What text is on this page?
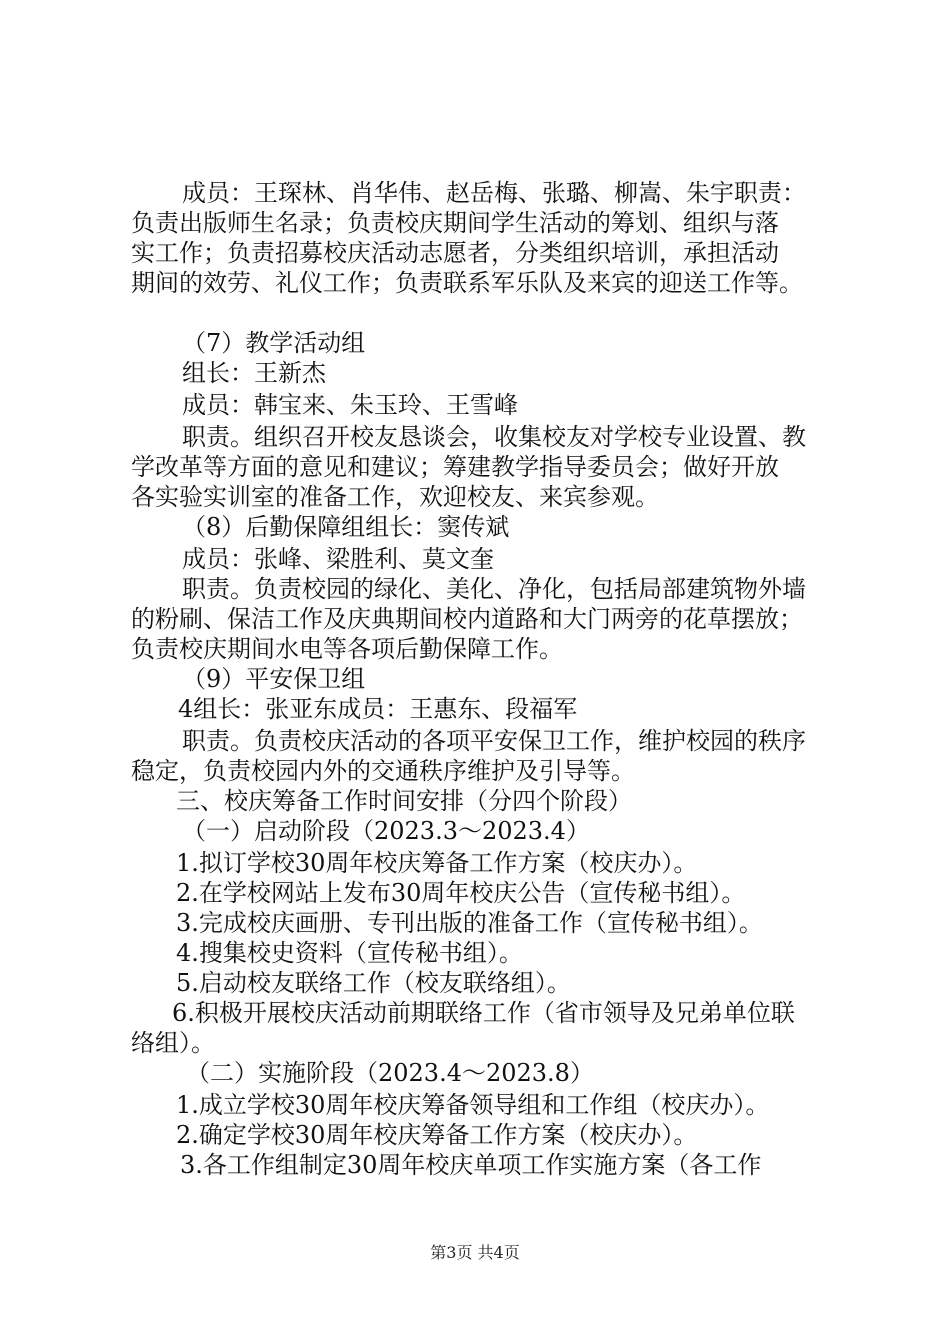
成员：王琛林、肖华伟、赵岳梅、张璐、柳嵩、朱宇职责：
负责出版师生名录；负责校庆期间学生活动的筹划、组织与落
实工作；负责招募校庆活动志愿者，分类组织培训，承担活动
期间的效劳、礼仪工作；负责联系军乐队及来宾的迎送工作等。
（7）教学活动组
组长：王新杰
成员：韩宝来、朱玉玲、王雪峰
职责。组织召开校友恳谈会，收集校友对学校专业设置、教
学改革等方面的意见和建议；筹建教学指导委员会；做好开放
各实验实训室的准备工作，欢迎校友、来宾参观。
（8）后勤保障组组长：窦传斌
成员：张峰、梁胜利、莫文奎
职责。负责校园的绿化、美化、净化，包括局部建筑物外墙
的粉刷、保洁工作及庆典期间校内道路和大门两旁的花草摆放；
负责校庆期间水电等各项后勤保障工作。
（9）平安保卫组
4组长：张亚东成员：王惠东、段福军
职责。负责校庆活动的各项平安保卫工作，维护校园的秩序
稳定，负责校园内外的交通秩序维护及引导等。
三、校庆筹备工作时间安排（分四个阶段）
（一）启动阶段（2023.3～2023.4）
1.拟订学校30周年校庆筹备工作方案（校庆办）。
2.在学校网站上发布30周年校庆公告（宣传秘书组）。
3.完成校庆画册、专刊出版的准备工作（宣传秘书组）。
4.搜集校史资料（宣传秘书组）。
5.启动校友联络工作（校友联络组）。
6.积极开展校庆活动前期联络工作（省市领导及兄弟单位联
络组）。
（二）实施阶段（2023.4～2023.8）
1.成立学校30周年校庆筹备领导组和工作组（校庆办）。
2.确定学校30周年校庆筹备工作方案（校庆办）。
3.各工作组制定30周年校庆单项工作实施方案（各工作
第3页 共4页
